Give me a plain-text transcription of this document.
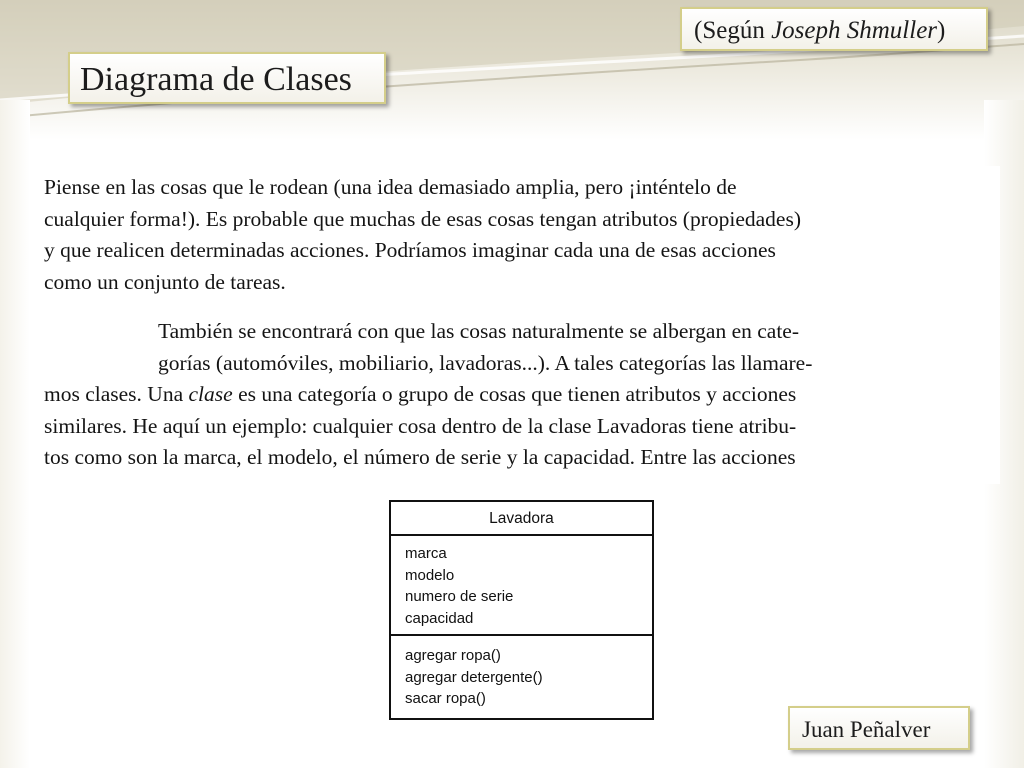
(Según Joseph Shmuller)
Diagrama de Clases
Piense en las cosas que le rodean (una idea demasiado amplia, pero ¡inténtelo de
cualquier forma!). Es probable que muchas de esas cosas tengan atributos (propiedades)
y que realicen determinadas acciones. Podríamos imaginar cada una de esas acciones
como un conjunto de tareas.
También se encontrará con que las cosas naturalmente se albergan en cate-
gorías (automóviles, mobiliario, lavadoras...). A tales categorías las llamare-
mos clases. Una clase es una categoría o grupo de cosas que tienen atributos y acciones
similares. He aquí un ejemplo: cualquier cosa dentro de la clase Lavadoras tiene atribu-
tos como son la marca, el modelo, el número de serie y la capacidad. Entre las acciones
Lavadora
marca
modelo
numero de serie
capacidad
agregar ropa()
agregar detergente()
sacar ropa()
Juan Peñalver
